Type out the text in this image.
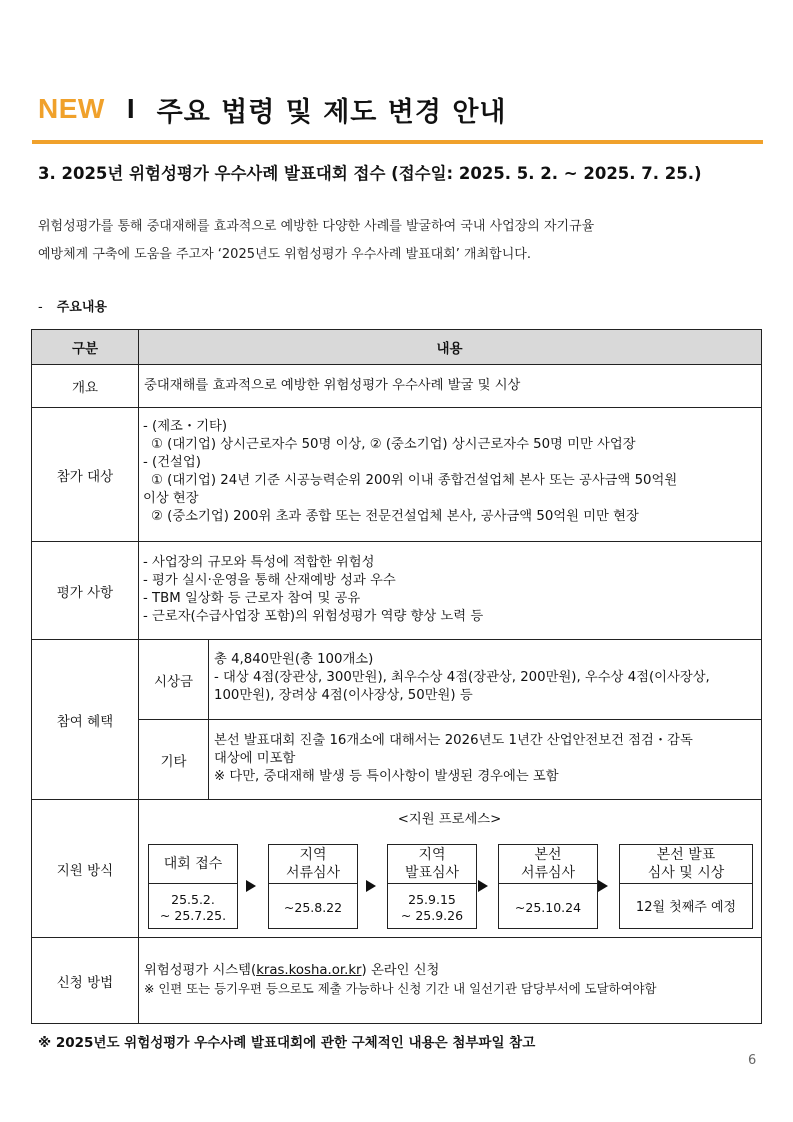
NEW I 주요 법령 및 제도 변경 안내
3. 2025년 위험성평가 우수사례 발표대회 접수 (접수일: 2025. 5. 2. ~ 2025. 7. 25.)
위험성평가를 통해 중대재해를 효과적으로 예방한 다양한 사례를 발굴하여 국내 사업장의 자기규율
예방체계 구축에 도움을 주고자 ‘2025년도 위험성평가 우수사례 발표대회’ 개최합니다.
- 주요내용
구분	내용
개요	중대재해를 효과적으로 예방한 위험성평가 우수사례 발굴 및 시상
참가 대상
- (제조・기타)
① (대기업) 상시근로자수 50명 이상, ② (중소기업) 상시근로자수 50명 미만 사업장
- (건설업)
① (대기업) 24년 기준 시공능력순위 200위 이내 종합건설업체 본사 또는 공사금액 50억원
이상 현장
② (중소기업) 200위 초과 종합 또는 전문건설업체 본사, 공사금액 50억원 미만 현장
평가 사항
- 사업장의 규모와 특성에 적합한 위험성
- 평가 실시·운영을 통해 산재예방 성과 우수
- TBM 일상화 등 근로자 참여 및 공유
- 근로자(수급사업장 포함)의 위험성평가 역량 향상 노력 등
참여 혜택
시상금
총 4,840만원(총 100개소)
- 대상 4점(장관상, 300만원), 최우수상 4점(장관상, 200만원), 우수상 4점(이사장상,
100만원), 장려상 4점(이사장상, 50만원) 등
기타
본선 발표대회 진출 16개소에 대해서는 2026년도 1년간 산업안전보건 점검・감독
대상에 미포함
※ 다만, 중대재해 발생 등 특이사항이 발생된 경우에는 포함
지원 방식
<지원 프로세스>
대회 접수
25.5.2.
~ 25.7.25.
지역
서류심사
~25.8.22
지역
발표심사
25.9.15
~ 25.9.26
본선
서류심사
~25.10.24
본선 발표
심사 및 시상
12월 첫째주 예정
신청 방법
위험성평가 시스템(kras.kosha.or.kr) 온라인 신청
※ 인편 또는 등기우편 등으로도 제출 가능하나 신청 기간 내 일선기관 담당부서에 도달하여야함
※ 2025년도 위험성평가 우수사례 발표대회에 관한 구체적인 내용은 첨부파일 참고
6
